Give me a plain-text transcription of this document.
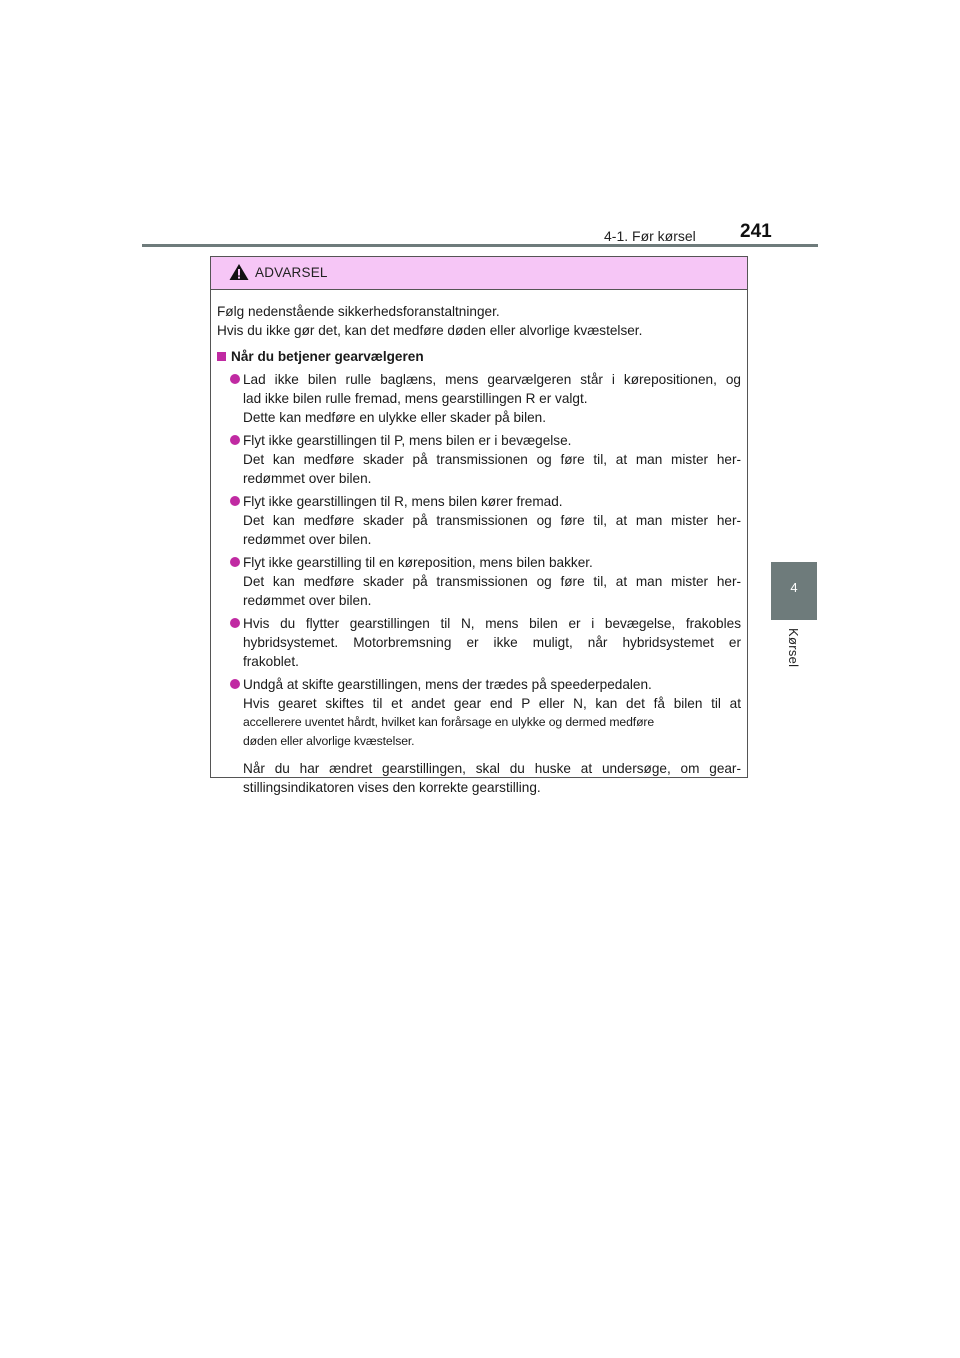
4-1. Før kørsel 241
4
Kørsel
ADVARSEL

Følg nedenstående sikkerhedsforanstaltninger.

Hvis du ikke gør det, kan det medføre døden eller alvorlige kvæstelser.

Når du betjener gearvælgeren
Lad ikke bilen rulle baglæns, mens gearvælgeren står i kørepositionen, og
lad ikke bilen rulle fremad, mens gearstillingen R er valgt.
Dette kan medføre en ulykke eller skader på bilen.
Flyt ikke gearstillingen til P, mens bilen er i bevægelse.
Det kan medføre skader på transmissionen og føre til, at man mister her-
redømmet over bilen.
Flyt ikke gearstillingen til R, mens bilen kører fremad.
Det kan medføre skader på transmissionen og føre til, at man mister her-
redømmet over bilen.
Flyt ikke gearstilling til en køreposition, mens bilen bakker.
Det kan medføre skader på transmissionen og føre til, at man mister her-
redømmet over bilen.
Hvis du flytter gearstillingen til N, mens bilen er i bevægelse, frakobles
hybridsystemet. Motorbremsning er ikke muligt, når hybridsystemet er
frakoblet.
Undgå at skifte gearstillingen, mens der trædes på speederpedalen.
Hvis gearet skiftes til et andet gear end P eller N, kan det få bilen til at
accellerere uventet hårdt, hvilket kan forårsage en ulykke og dermed medføre
døden eller alvorlige kvæstelser.
Når du har ændret gearstillingen, skal du huske at undersøge, om gear-
stillingsindikatoren vises den korrekte gearstilling.
